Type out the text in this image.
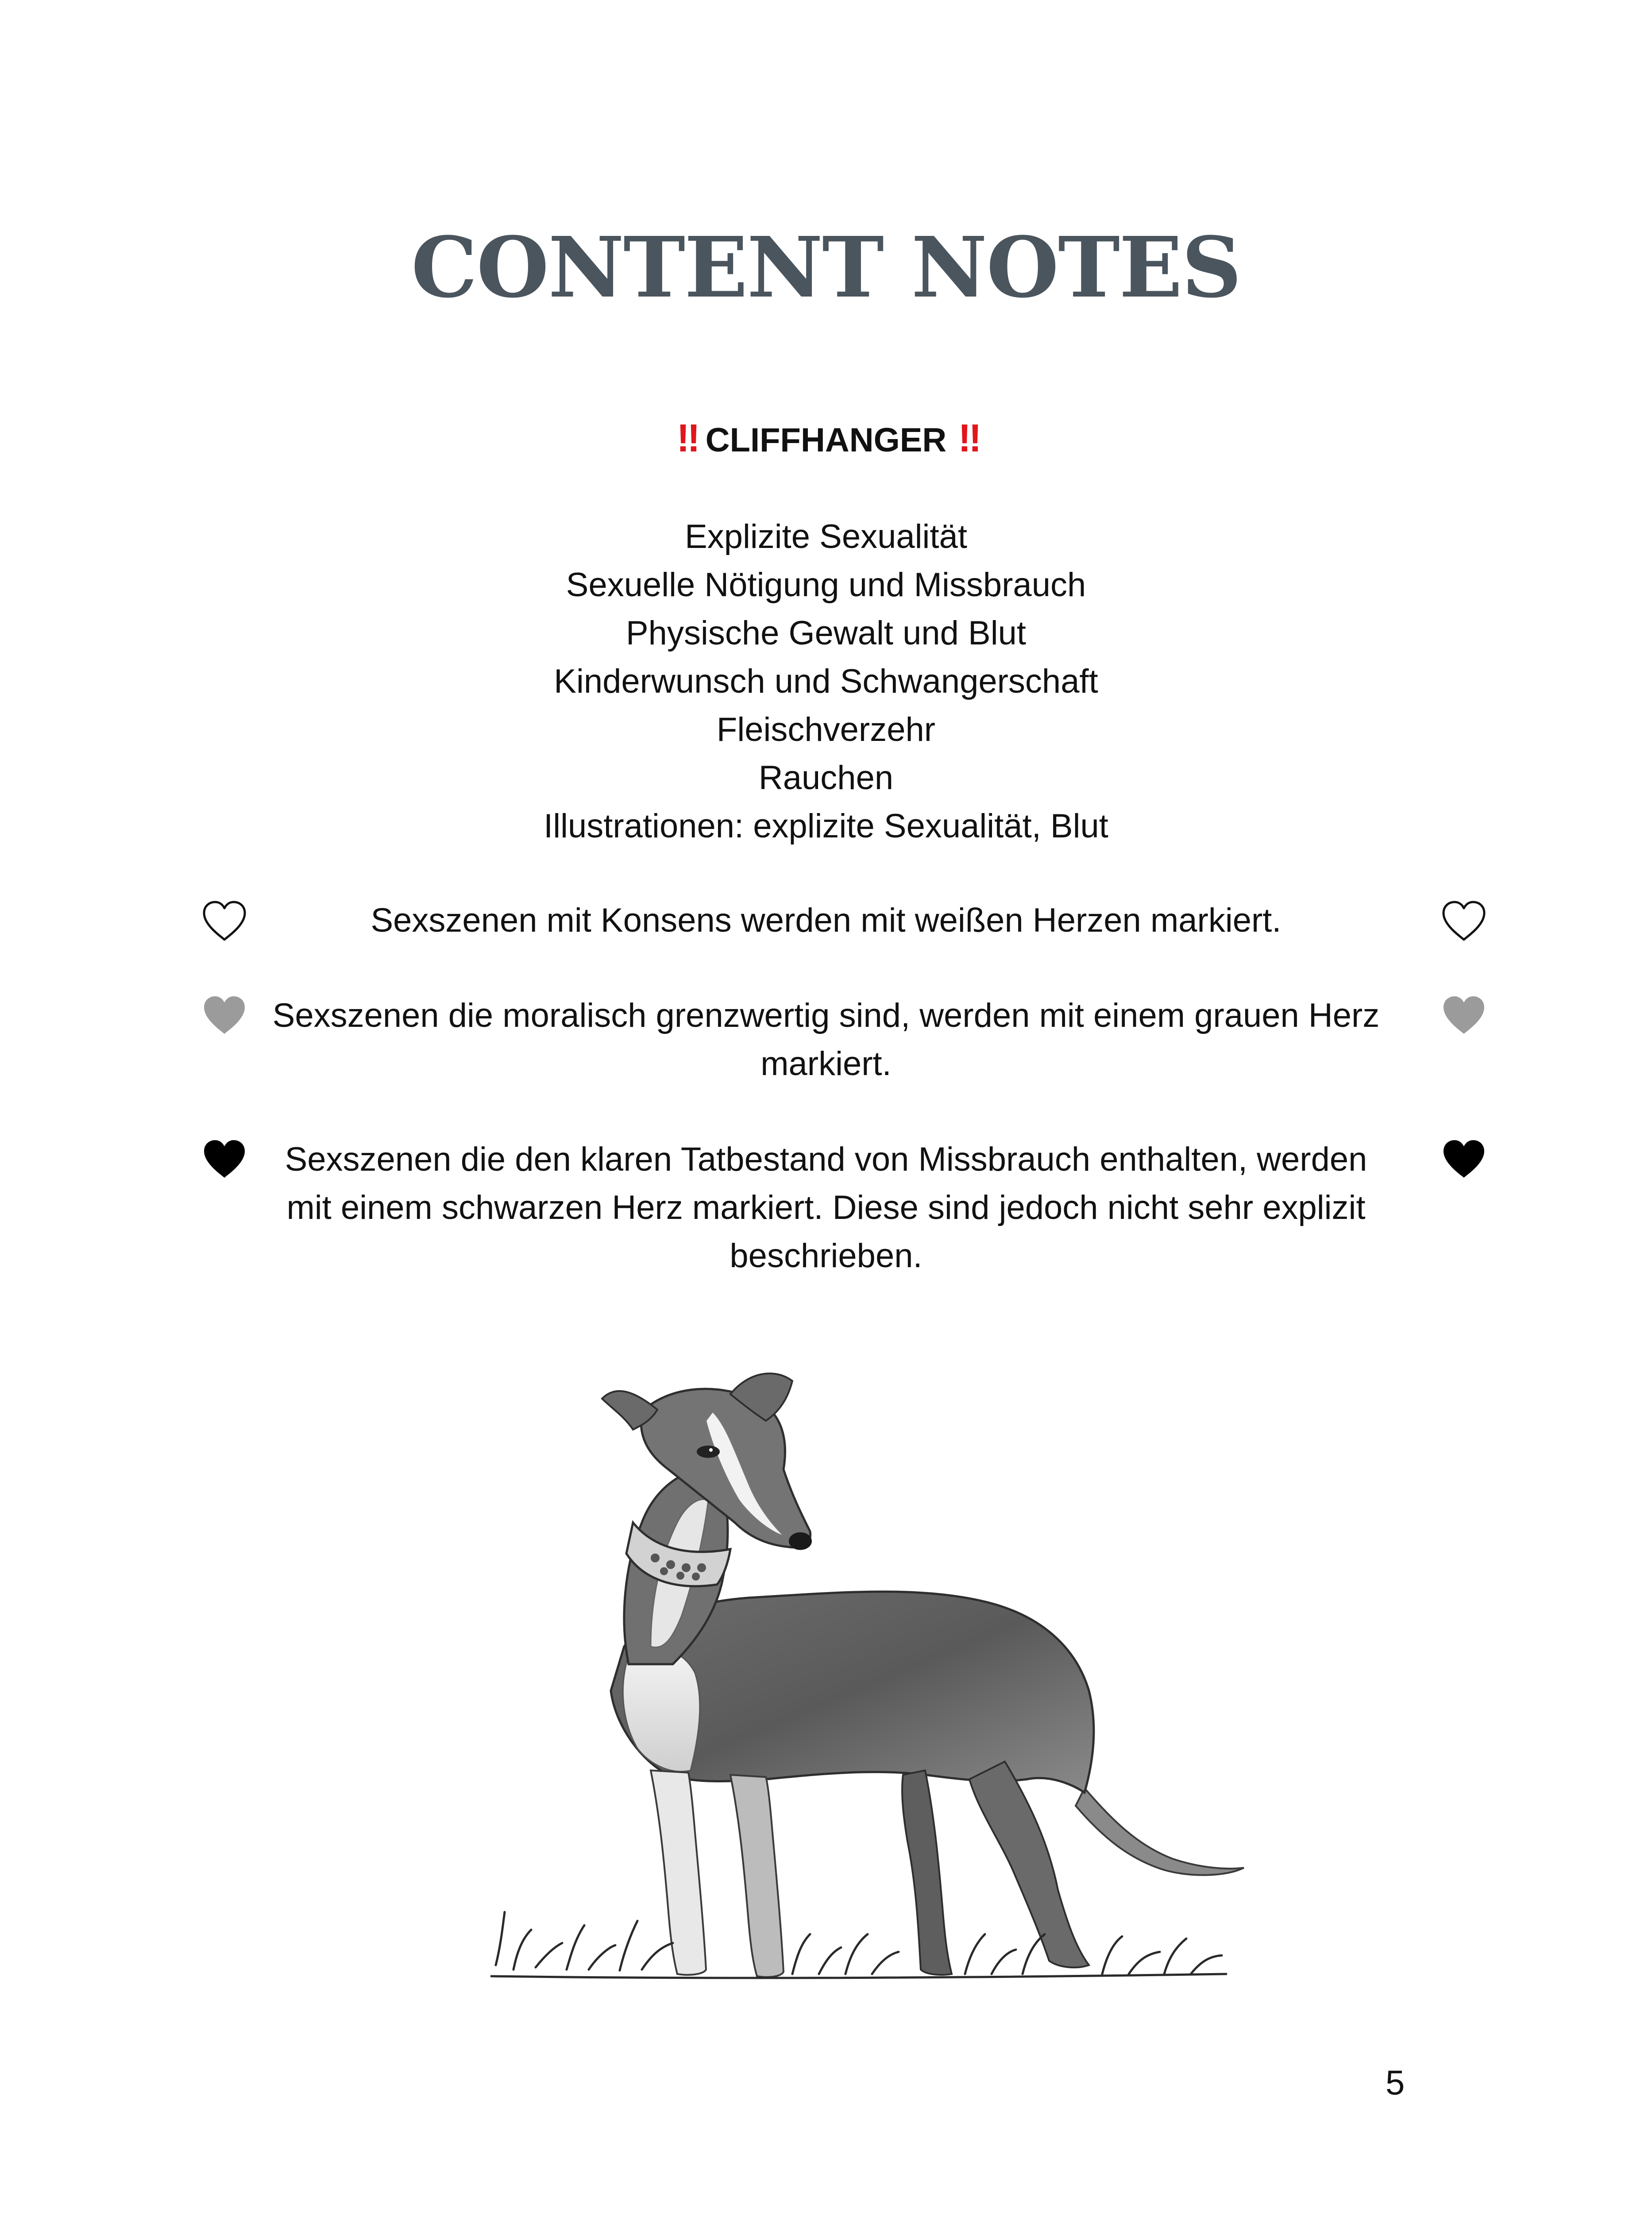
CONTENT NOTES
‼ CLIFFHANGER ‼
Explizite Sexualität
Sexuelle Nötigung und Missbrauch
Physische Gewalt und Blut
Kinderwunsch und Schwangerschaft
Fleischverzehr
Rauchen
Illustrationen: explizite Sexualität, Blut
Sexszenen mit Konsens werden mit weißen Herzen markiert.
Sexszenen die moralisch grenzwertig sind, werden mit einem grauen Herz markiert.
Sexszenen die den klaren Tatbestand von Missbrauch enthalten, werden mit einem schwarzen Herz markiert. Diese sind jedoch nicht sehr explizit beschrieben.
5
